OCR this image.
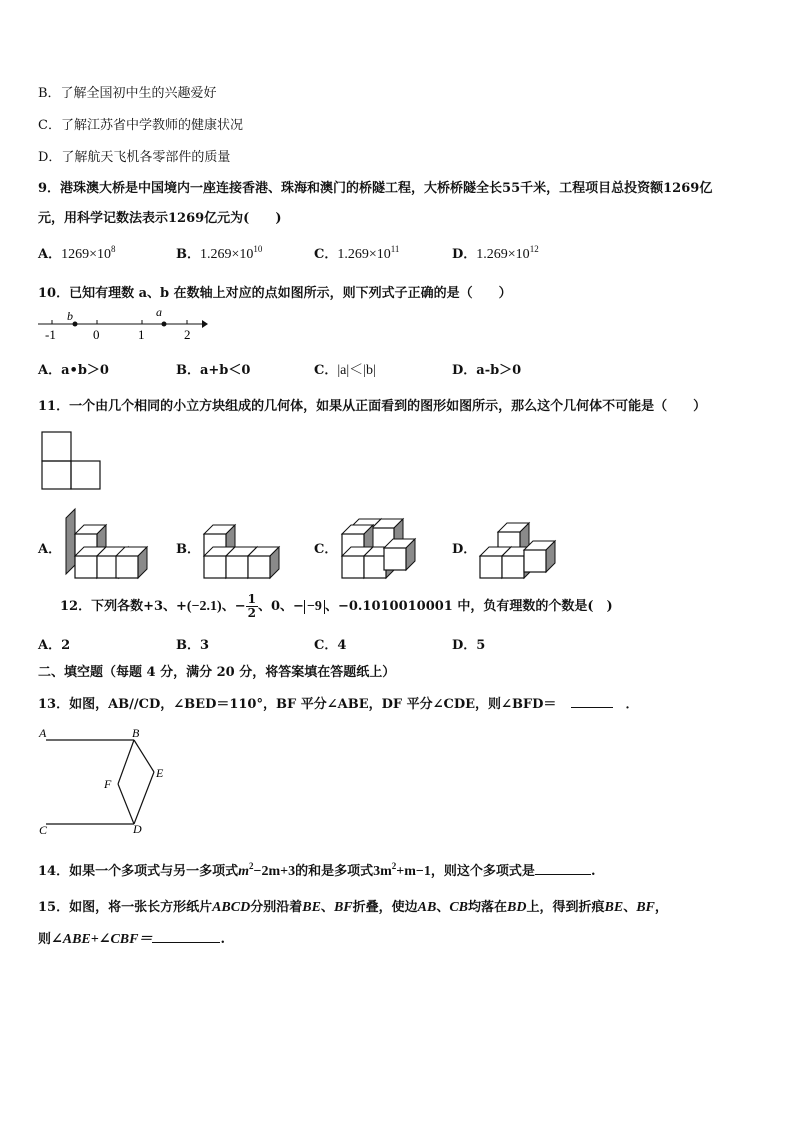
B．了解全国初中生的兴趣爱好
C．了解江苏省中学教师的健康状况
D．了解航天飞机各零部件的质量
9．港珠澳大桥是中国境内一座连接香港、珠海和澳门的桥隧工程，大桥桥隧全长55千米，工程项目总投资额1269亿
元，用科学记数法表示1269亿元为(　　)
A．$1269\times 10^8$	B．$1.269\times 10^{10}$	C．$1.269\times 10^{11}$	D．$1.269\times 10^{12}$
10．已知有理数 a、b 在数轴上对应的点如图所示，则下列式子正确的是（　　）
b	a
-1	0	1	2
A．a•b＞0	B．a+b＜0	C．|a|＜|b|	D．a-b＞0
11．一个由几个相同的小立方块组成的几何体，如果从正面看到的图形如图所示，那么这个几何体不可能是（　　）
A．	B．	C．	D．
12．下列各数+3、+(−2.1)、− $\frac{1}{2}$ 、0、− −9 、−0.1010010001 中，负有理数的个数是(　)
A．2	B．3	C．4	D．5
二、填空题（每题 4 分，满分 20 分，将答案填在答题纸上）
13．如图，AB//CD，∠BED＝110°，BF 平分∠ABE，DF 平分∠CDE，则∠BFD＝	．
A	B
E
F
C	D
14．如果一个多项式与另一多项式$m^2-2m+3$的和是多项式$3m^2+m-1$，则这个多项式是	.
15．如图，将一张长方形纸片ABCD分别沿着BE、BF折叠，使边AB、CB均落在BD上，得到折痕BE、BF，
则∠ABE+∠CBF＝	.
